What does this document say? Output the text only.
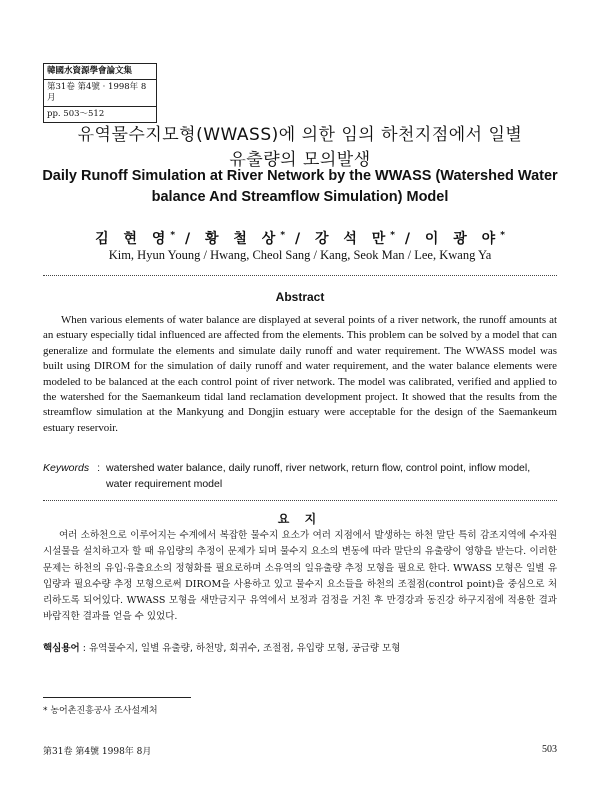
韓國水資源學會論文集
第31卷 第4號 · 1998年 8月
pp. 503～512
유역물수지모형(WWASS)에 의한 임의 하천지점에서 일별
유출량의 모의발생
Daily Runoff Simulation at River Network by the WWASS (Watershed Water
balance And Streamflow Simulation) Model
김 현 영* / 황 철 상* / 강 석 만* / 이 광 야*
Kim, Hyun Young / Hwang, Cheol Sang / Kang, Seok Man / Lee, Kwang Ya
Abstract

When various elements of water balance are displayed at several points of a river network, the runoff amounts at an estuary especially tidal influenced are affected from the elements. This problem can be solved by a model that can generalize and formulate the elements and simulate daily runoff and water requirement. The WWASS model was built using DIROM for the simulation of daily runoff and water requirement, and the water balance elements were modeled to be balanced at the each control point of river network. The model was calibrated, verified and applied to the watershed for the Saemankeum tidal land reclamation development project. It showed that the results from the streamflow simulation at the Mankyung and Dongjin estuary were acceptable for the design of the Saemankeum estuary reservoir.

Keywords : watershed water balance, daily runoff, river network, return flow, control point, inflow model, water requirement model
요 지

여러 소하천으로 이루어지는 수계에서 복잡한 물수지 요소가 여러 지점에서 발생하는 하천 말단 특히 감조지역에 수자원 시설물을 설치하고자 할 때 유입량의 추정이 문제가 되며 물수지 요소의 변동에 따라 말단의 유출량이 영향을 받는다. 이러한 문제는 하천의 유입·유출요소의 정형화를 필요로하며 소유역의 일유출량 추정 모형을 필요로 한다. WWASS 모형은 일별 유입량과 필요수량 추정 모형으로써 DIROM을 사용하고 있고 물수지 요소들을 하천의 조절점(control point)을 중심으로 처리하도록 되어있다. WWASS 모형을 새만금지구 유역에서 보정과 검정을 거친 후 만경강과 동진강 하구지점에 적용한 결과 바람직한 결과를 얻을 수 있었다.

핵심용어 : 유역물수지, 일별 유출량, 하천망, 회귀수, 조절점, 유입량 모형, 공급량 모형
* 농어촌진흥공사 조사설계처
第31卷 第4號 1998年 8月	503
